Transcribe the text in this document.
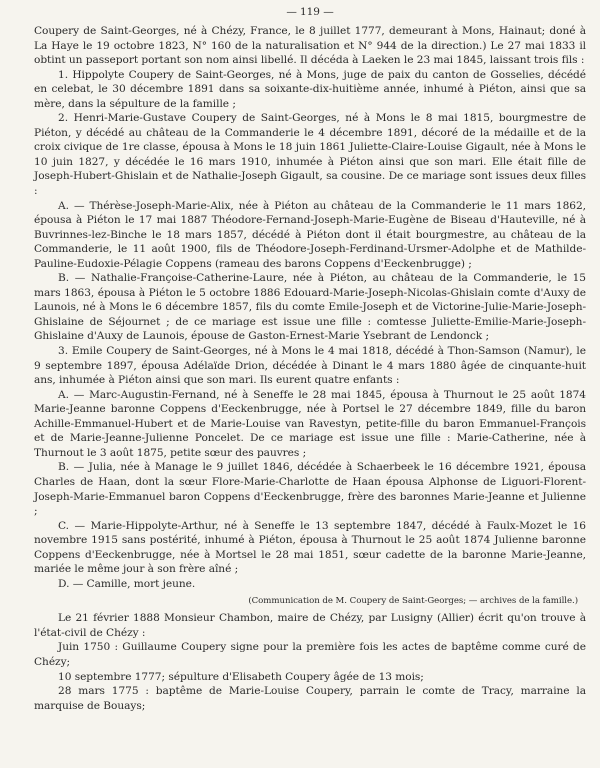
— 119 —

Coupery de Saint-Georges, né à Chézy, France, le 8 juillet 1777, demeurant à Mons, Hainaut; doné à La Haye le 19 octobre 1823, N° 160 de la naturalisation et N° 944 de la direction.) Le 27 mai 1833 il obtint un passeport portant son nom ainsi libellé. Il décéda à Laeken le 23 mai 1845, laissant trois fils :

1. Hippolyte Coupery de Saint-Georges, né à Mons, juge de paix du canton de Gosselies, décédé en celebat, le 30 décembre 1891 dans sa soixante-dix-huitième année, inhumé à Piéton, ainsi que sa mère, dans la sépulture de la famille ;

2. Henri-Marie-Gustave Coupery de Saint-Georges, né à Mons le 8 mai 1815, bourgmestre de Piéton, y décédé au château de la Commanderie le 4 décembre 1891, décoré de la médaille et de la croix civique de 1re classe, épousa à Mons le 18 juin 1861 Juliette-Claire-Louise Gigault, née à Mons le 10 juin 1827, y décédée le 16 mars 1910, inhumée à Piéton ainsi que son mari. Elle était fille de Joseph-Hubert-Ghislain et de Nathalie-Joseph Gigault, sa cousine. De ce mariage sont issues deux filles :

A. — Thérèse-Joseph-Marie-Alix, née à Piéton au château de la Commanderie le 11 mars 1862, épousa à Piéton le 17 mai 1887 Théodore-Fernand-Joseph-Marie-Eugène de Biseau d'Hauteville, né à Buvrinnes-lez-Binche le 18 mars 1857, décédé à Piéton dont il était bourgmestre, au château de la Commanderie, le 11 août 1900, fils de Théodore-Joseph-Ferdinand-Ursmer-Adolphe et de Mathilde-Pauline-Eudoxie-Pélagie Coppens (rameau des barons Coppens d'Eeckenbrugge) ;

B. — Nathalie-Françoise-Catherine-Laure, née à Piéton, au château de la Commanderie, le 15 mars 1863, épousa à Piéton le 5 octobre 1886 Edouard-Marie-Joseph-Nicolas-Ghislain comte d'Auxy de Launois, né à Mons le 6 décembre 1857, fils du comte Emile-Joseph et de Victorine-Julie-Marie-Joseph-Ghislaine de Séjournet ; de ce mariage est issue une fille : comtesse Juliette-Emilie-Marie-Joseph-Ghislaine d'Auxy de Launois, épouse de Gaston-Ernest-Marie Ysebrant de Lendonck ;

3. Emile Coupery de Saint-Georges, né à Mons le 4 mai 1818, décédé à Thon-Samson (Namur), le 9 septembre 1897, épousa Adélaïde Drion, décédée à Dinant le 4 mars 1880 âgée de cinquante-huit ans, inhumée à Piéton ainsi que son mari. Ils eurent quatre enfants :

A. — Marc-Augustin-Fernand, né à Seneffe le 28 mai 1845, épousa à Thurnout le 25 août 1874 Marie-Jeanne baronne Coppens d'Eeckenbrugge, née à Portsel le 27 décembre 1849, fille du baron Achille-Emmanuel-Hubert et de Marie-Louise van Ravestyn, petite-fille du baron Emmanuel-François et de Marie-Jeanne-Julienne Poncelet. De ce mariage est issue une fille : Marie-Catherine, née à Thurnout le 3 août 1875, petite sœur des pauvres ;

B. — Julia, née à Manage le 9 juillet 1846, décédée à Schaerbeek le 16 décembre 1921, épousa Charles de Haan, dont la sœur Flore-Marie-Charlotte de Haan épousa Alphonse de Liguori-Florent-Joseph-Marie-Emmanuel baron Coppens d'Eeckenbrugge, frère des baronnes Marie-Jeanne et Julienne ;

C. — Marie-Hippolyte-Arthur, né à Seneffe le 13 septembre 1847, décédé à Faulx-Mozet le 16 novembre 1915 sans postérité, inhumé à Piéton, épousa à Thurnout le 25 août 1874 Julienne baronne Coppens d'Eeckenbrugge, née à Mortsel le 28 mai 1851, sœur cadette de la baronne Marie-Jeanne, mariée le même jour à son frère aîné ;

D. — Camille, mort jeune.

(Communication de M. Coupery de Saint-Georges; — archives de la famille.)

Le 21 février 1888 Monsieur Chambon, maire de Chézy, par Lusigny (Allier) écrit qu'on trouve à l'état-civil de Chézy :

Juin 1750 : Guillaume Coupery signe pour la première fois les actes de baptême comme curé de Chézy;

10 septembre 1777; sépulture d'Elisabeth Coupery âgée de 13 mois;

28 mars 1775 : baptême de Marie-Louise Coupery, parrain le comte de Tracy, marraine la marquise de Bouays;
